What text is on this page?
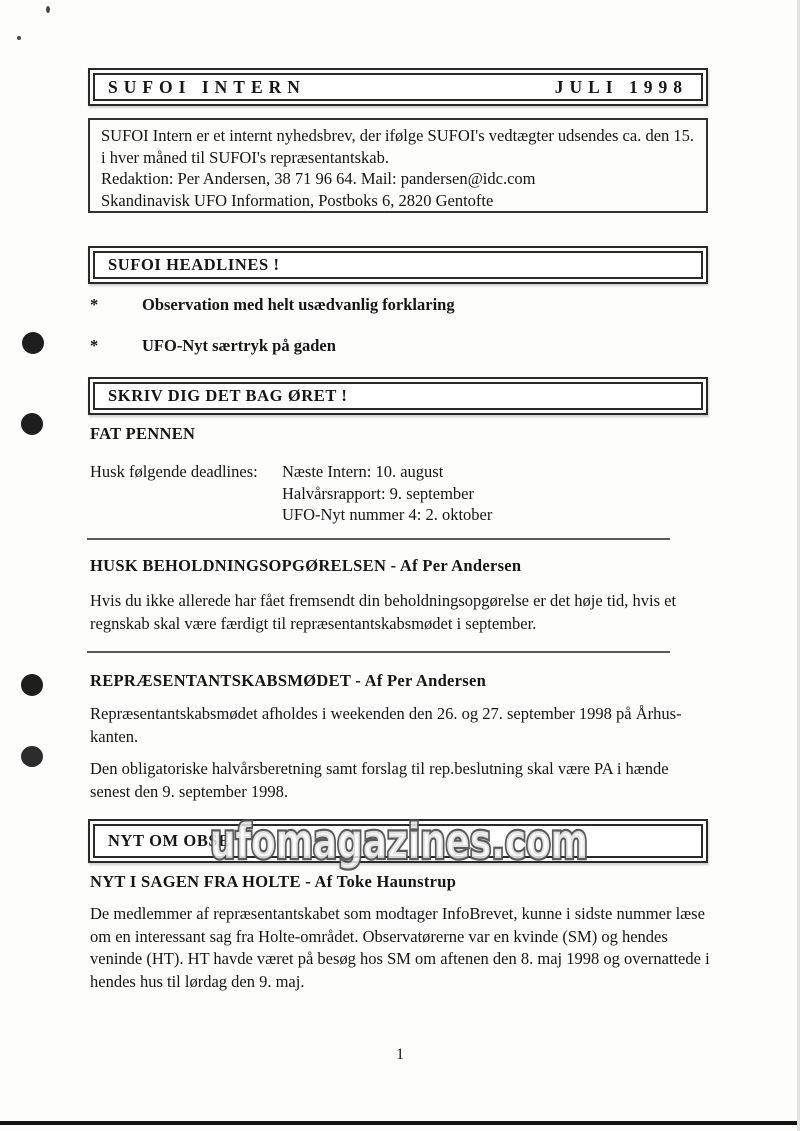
SUFOI INTERN	JULI 1998
SUFOI Intern er et internt nyhedsbrev, der ifølge SUFOI's vedtægter udsendes ca. den 15. i hver måned til SUFOI's repræsentantskab.
Redaktion: Per Andersen, 38 71 96 64. Mail: pandersen@idc.com
Skandinavisk UFO Information, Postboks 6, 2820 Gentofte
SUFOI HEADLINES !
*	Observation med helt usædvanlig forklaring
*	UFO-Nyt særtryk på gaden
SKRIV DIG DET BAG ØRET !
FAT PENNEN
Husk følgende deadlines:	Næste Intern: 10. august
Halvårsrapport: 9. september
UFO-Nyt nummer 4: 2. oktober
HUSK BEHOLDNINGSOPGØRELSEN - Af Per Andersen
Hvis du ikke allerede har fået fremsendt din beholdningsopgørelse er det høje tid, hvis et regnskab skal være færdigt til repræsentantskabsmødet i september.
REPRÆSENTANTSKABSMØDET - Af Per Andersen
Repræsentantskabsmødet afholdes i weekenden den 26. og 27. september 1998 på Århus-kanten.
Den obligatoriske halvårsberetning samt forslag til rep.beslutning skal være PA i hænde senest den 9. september 1998.
NYT OM OBSE
ufomagazines.com
NYT I SAGEN FRA HOLTE - Af Toke Haunstrup
De medlemmer af repræsentantskabet som modtager InfoBrevet, kunne i sidste nummer læse om en interessant sag fra Holte-området. Observatørerne var en kvinde (SM) og hendes veninde (HT). HT havde været på besøg hos SM om aftenen den 8. maj 1998 og overnattede i hendes hus til lørdag den 9. maj.
1
